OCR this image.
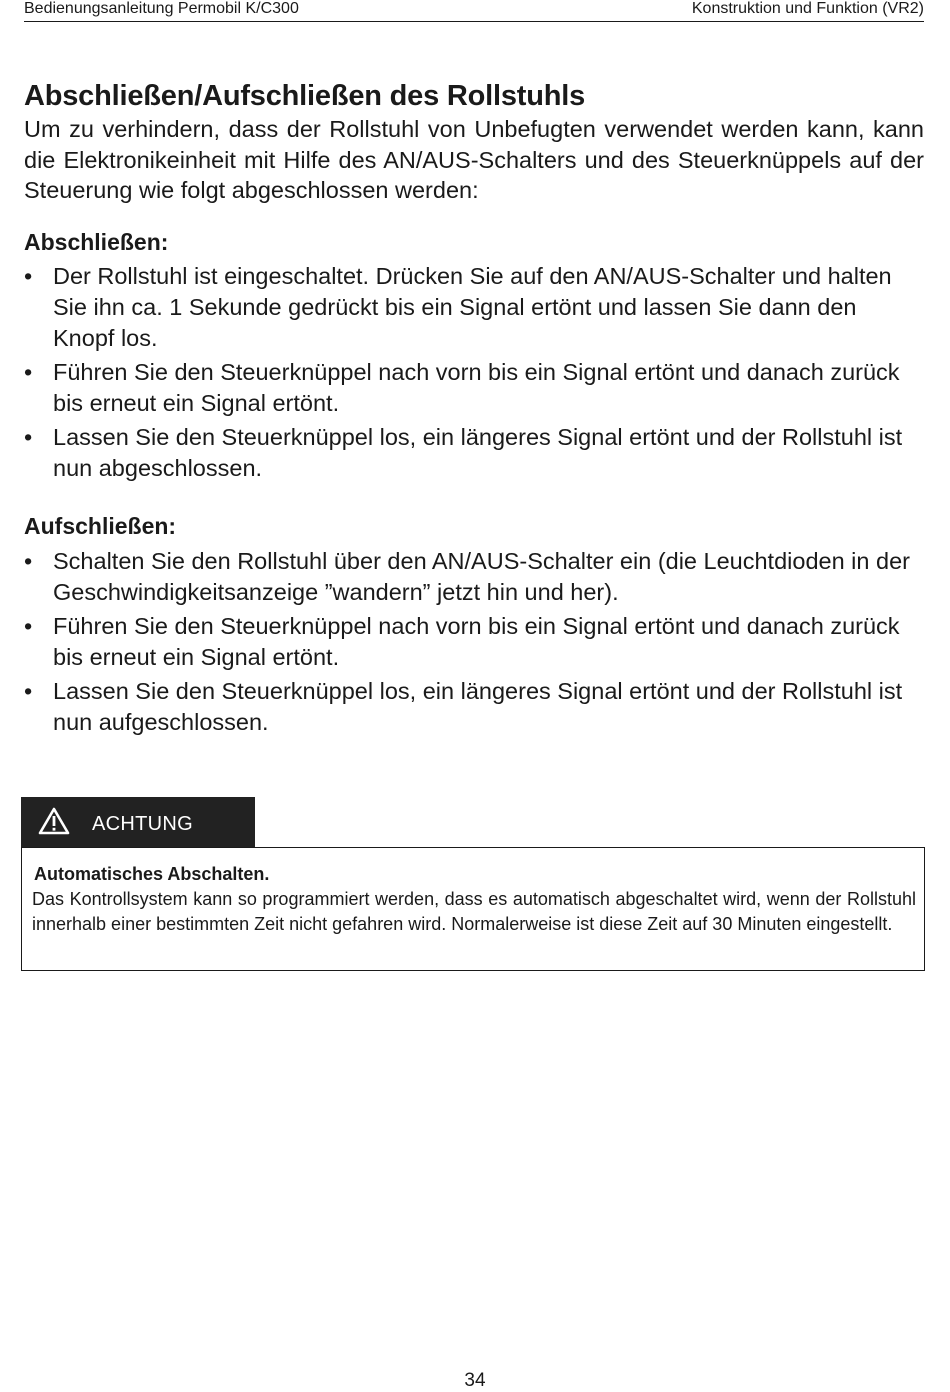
Bedienungsanleitung Permobil K/C300	Konstruktion und Funktion (VR2)
Abschließen/Aufschließen des Rollstuhls

Um zu verhindern, dass der Rollstuhl von Unbefugten verwendet werden kann, kann die Elektronikeinheit mit Hilfe des AN/AUS-Schalters und des Steuerknüppels auf der Steuerung wie folgt abgeschlossen werden:

Abschließen:
• Der Rollstuhl ist eingeschaltet. Drücken Sie auf den AN/AUS-Schalter und halten Sie ihn ca. 1 Sekunde gedrückt bis ein Signal ertönt und lassen Sie dann den Knopf los.
• Führen Sie den Steuerknüppel nach vorn bis ein Signal ertönt und danach zurück bis erneut ein Signal ertönt.
• Lassen Sie den Steuerknüppel los, ein längeres Signal ertönt und der Rollstuhl ist nun abgeschlossen.
Aufschließen:
• Schalten Sie den Rollstuhl über den AN/AUS-Schalter ein (die Leuchtdioden in der Geschwindigkeitsanzeige ”wandern” jetzt hin und her).
• Führen Sie den Steuerknüppel nach vorn bis ein Signal ertönt und danach zurück bis erneut ein Signal ertönt.
• Lassen Sie den Steuerknüppel los, ein längeres Signal ertönt und der Rollstuhl ist nun aufgeschlossen.
ACHTUNG

Automatisches Abschalten.

Das Kontrollsystem kann so programmiert werden, dass es automatisch abgeschaltet wird, wenn der Rollstuhl innerhalb einer bestimmten Zeit nicht gefahren wird. Normalerweise ist diese Zeit auf 30 Minuten eingestellt.

34
